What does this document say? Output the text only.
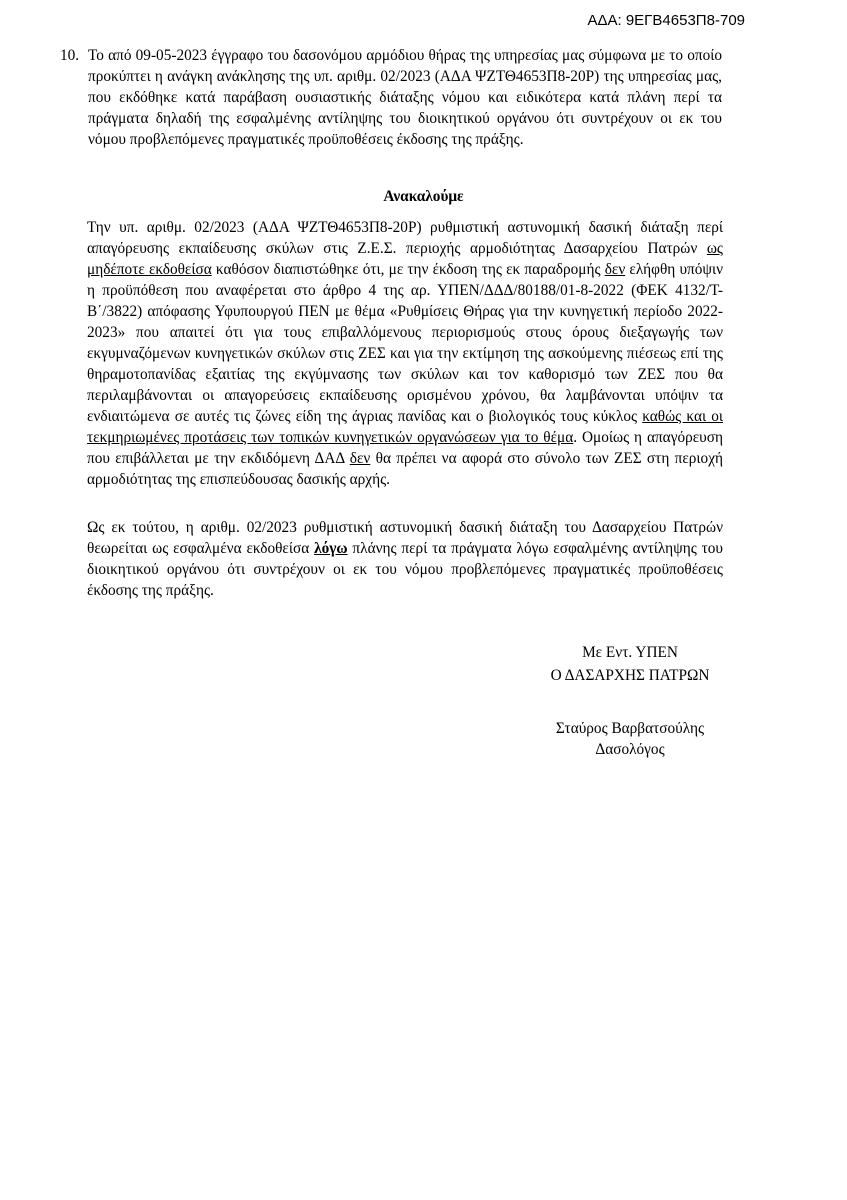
ΑΔΑ: 9ΕΓΒ4653Π8-709
10. Το από 09-05-2023 έγγραφο του δασονόμου αρμόδιου θήρας της υπηρεσίας μας σύμφωνα με το οποίο προκύπτει η ανάγκη ανάκλησης της υπ. αριθμ. 02/2023 (ΑΔΑ ΨΖΤΘ4653Π8-20Ρ) της υπηρεσίας μας, που εκδόθηκε κατά παράβαση ουσιαστικής διάταξης νόμου και ειδικότερα κατά πλάνη περί τα πράγματα δηλαδή της εσφαλμένης αντίληψης του διοικητικού οργάνου ότι συντρέχουν οι εκ του νόμου προβλεπόμενες πραγματικές προϋποθέσεις έκδοσης της πράξης.
Ανακαλούμε
Την υπ. αριθμ. 02/2023 (ΑΔΑ ΨΖΤΘ4653Π8-20Ρ) ρυθμιστική αστυνομική δασική διάταξη περί απαγόρευσης εκπαίδευσης σκύλων στις Ζ.Ε.Σ. περιοχής αρμοδιότητας Δασαρχείου Πατρών ως μηδέποτε εκδοθείσα καθόσον διαπιστώθηκε ότι, με την έκδοση της εκ παραδρομής δεν ελήφθη υπόψιν η προϋπόθεση που αναφέρεται στο άρθρο 4 της αρ. ΥΠΕΝ/ΔΔΔ/80188/01-8-2022 (ΦΕΚ 4132/Τ-Β΄/3822) απόφασης Υφυπουργού ΠΕΝ με θέμα «Ρυθμίσεις Θήρας για την κυνηγετική περίοδο 2022-2023» που απαιτεί ότι για τους επιβαλλόμενους περιορισμούς στους όρους διεξαγωγής των εκγυμναζόμενων κυνηγετικών σκύλων στις ΖΕΣ και για την εκτίμηση της ασκούμενης πιέσεως επί της θηραμοτοπανίδας εξαιτίας της εκγύμνασης των σκύλων και τον καθορισμό των ΖΕΣ που θα περιλαμβάνονται οι απαγορεύσεις εκπαίδευσης ορισμένου χρόνου, θα λαμβάνονται υπόψιν τα ενδιαιτώμενα σε αυτές τις ζώνες είδη της άγριας πανίδας και ο βιολογικός τους κύκλος καθώς και οι τεκμηριωμένες προτάσεις των τοπικών κυνηγετικών οργανώσεων για το θέμα. Ομοίως η απαγόρευση που επιβάλλεται με την εκδιδόμενη ΔΑΔ δεν θα πρέπει να αφορά στο σύνολο των ΖΕΣ στη περιοχή αρμοδιότητας της επισπεύδουσας δασικής αρχής.
Ως εκ τούτου, η αριθμ. 02/2023 ρυθμιστική αστυνομική δασική διάταξη του Δασαρχείου Πατρών θεωρείται ως εσφαλμένα εκδοθείσα λόγω πλάνης περί τα πράγματα λόγω εσφαλμένης αντίληψης του διοικητικού οργάνου ότι συντρέχουν οι εκ του νόμου προβλεπόμενες πραγματικές προϋποθέσεις έκδοσης της πράξης.
Με Εντ. ΥΠΕΝ
Ο ΔΑΣΑΡΧΗΣ ΠΑΤΡΩΝ
Σταύρος Βαρβατσούλης
Δασολόγος
